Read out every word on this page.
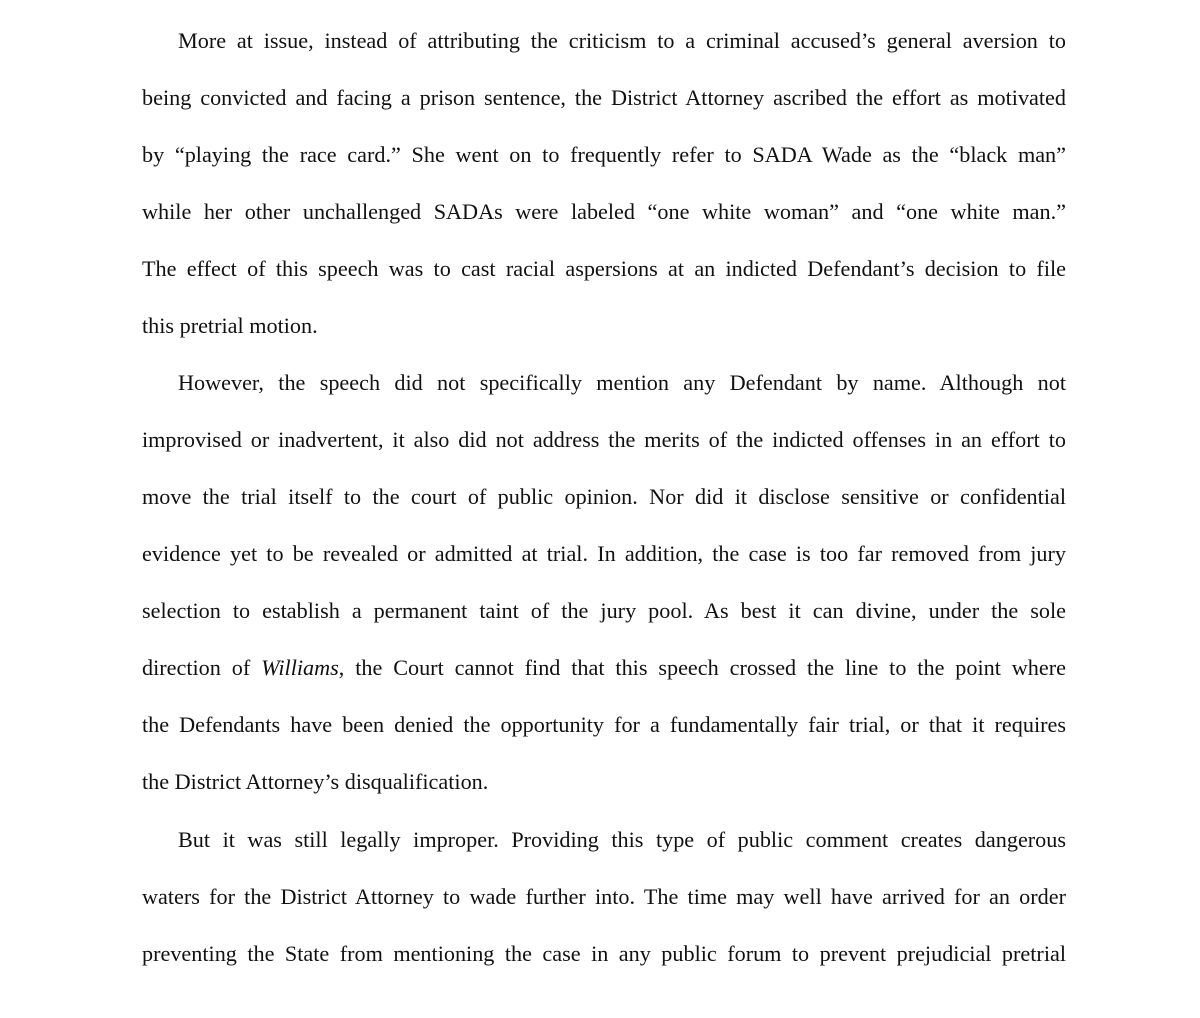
More at issue, instead of attributing the criticism to a criminal accused’s general aversion to
being convicted and facing a prison sentence, the District Attorney ascribed the effort as motivated
by “playing the race card.” She went on to frequently refer to SADA Wade as the “black man”
while her other unchallenged SADAs were labeled “one white woman” and “one white man.”
The effect of this speech was to cast racial aspersions at an indicted Defendant’s decision to file
this pretrial motion.
However, the speech did not specifically mention any Defendant by name. Although not
improvised or inadvertent, it also did not address the merits of the indicted offenses in an effort to
move the trial itself to the court of public opinion. Nor did it disclose sensitive or confidential
evidence yet to be revealed or admitted at trial. In addition, the case is too far removed from jury
selection to establish a permanent taint of the jury pool. As best it can divine, under the sole
direction of Williams, the Court cannot find that this speech crossed the line to the point where
the Defendants have been denied the opportunity for a fundamentally fair trial, or that it requires
the District Attorney’s disqualification.
But it was still legally improper. Providing this type of public comment creates dangerous
waters for the District Attorney to wade further into. The time may well have arrived for an order
preventing the State from mentioning the case in any public forum to prevent prejudicial pretrial
